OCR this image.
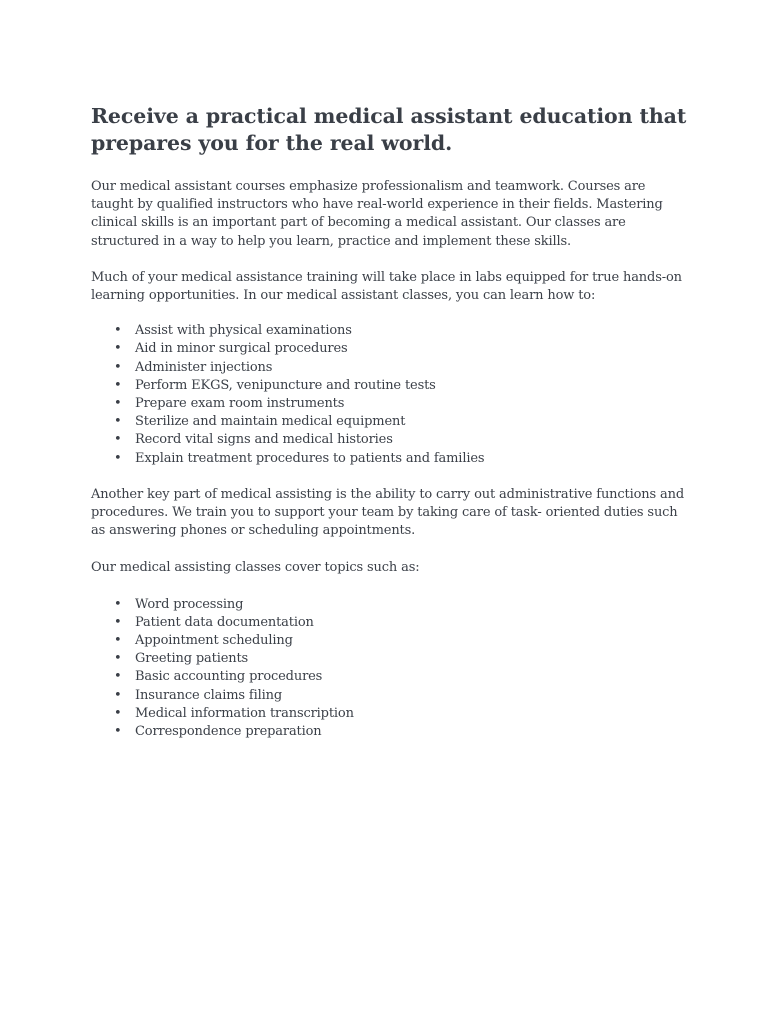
Receive a practical medical assistant education that prepares you for the real world.

Our medical assistant courses emphasize professionalism and teamwork. Courses are taught by qualified instructors who have real-world experience in their fields. Mastering clinical skills is an important part of becoming a medical assistant. Our classes are structured in a way to help you learn, practice and implement these skills.

Much of your medical assistance training will take place in labs equipped for true hands-on learning opportunities. In our medical assistant classes, you can learn how to:

• Assist with physical examinations
• Aid in minor surgical procedures
• Administer injections
• Perform EKGS, venipuncture and routine tests
• Prepare exam room instruments
• Sterilize and maintain medical equipment
• Record vital signs and medical histories
• Explain treatment procedures to patients and families

Another key part of medical assisting is the ability to carry out administrative functions and procedures. We train you to support your team by taking care of task- oriented duties such as answering phones or scheduling appointments.

Our medical assisting classes cover topics such as:

• Word processing
• Patient data documentation
• Appointment scheduling
• Greeting patients
• Basic accounting procedures
• Insurance claims filing
• Medical information transcription
• Correspondence preparation
